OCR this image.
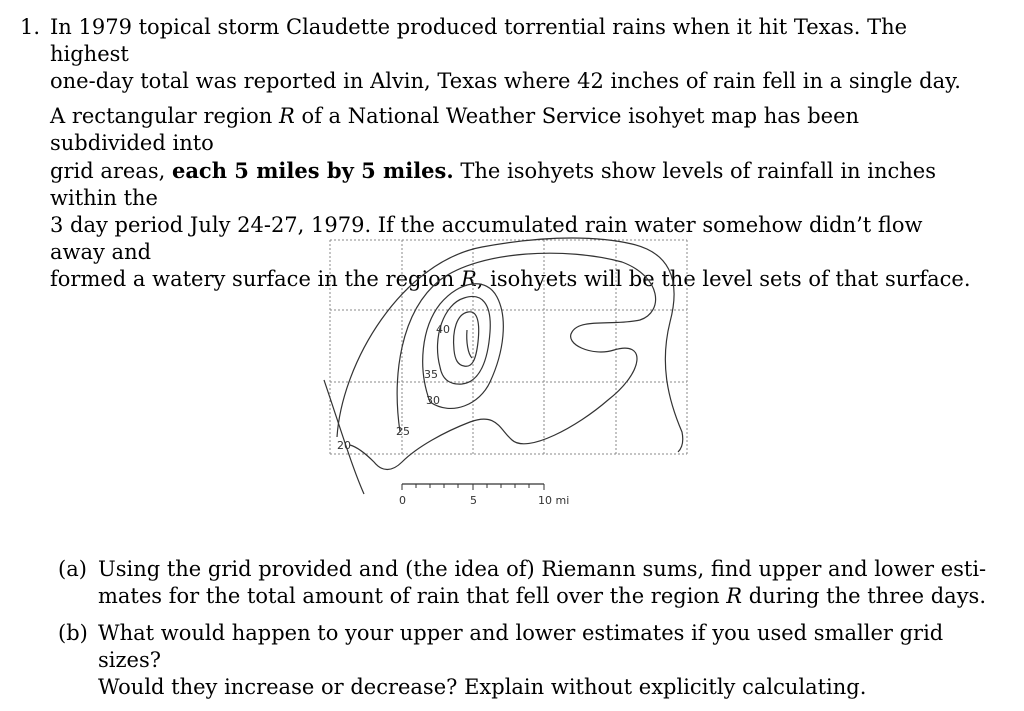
1. In 1979 topical storm Claudette produced torrential rains when it hit Texas. The highest
one-day total was reported in Alvin, Texas where 42 inches of rain fell in a single day.
A rectangular region R of a National Weather Service isohyet map has been subdivided into
grid areas, each 5 miles by 5 miles. The isohyets show levels of rainfall in inches within the
3 day period July 24-27, 1979. If the accumulated rain water somehow didn’t flow away and
formed a watery surface in the region R, isohyets will be the level sets of that surface.
40
35
30
25
20
0	5	10 mi
(a) Using the grid provided and (the idea of) Riemann sums, find upper and lower esti-
mates for the total amount of rain that fell over the region R during the three days.
(b) What would happen to your upper and lower estimates if you used smaller grid sizes?
Would they increase or decrease? Explain without explicitly calculating.
